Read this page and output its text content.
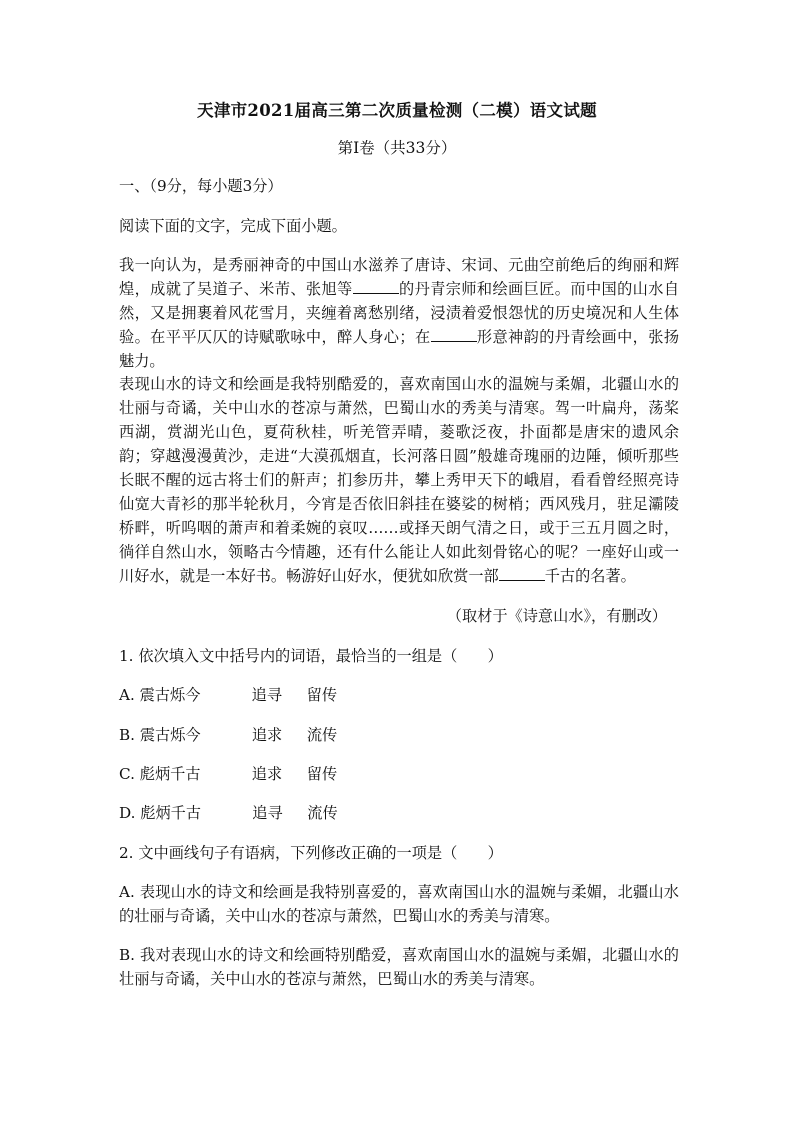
天津市2021届高三第二次质量检测（二模）语文试题
第Ⅰ卷（共33分）
一、（9分，每小题3分）
阅读下面的文字，完成下面小题。
我一向认为，是秀丽神奇的中国山水滋养了唐诗、宋词、元曲空前绝后的绚丽和辉煌，成就了吴道子、米芾、张旭等	的丹青宗师和绘画巨匠。而中国的山水自然，又是拥裹着风花雪月，夹缠着离愁别绪，浸渍着爱恨怨忧的历史境况和人生体验。在平平仄仄的诗赋歌咏中，醉人身心；在	形意神韵的丹青绘画中，张扬魅力。
表现山水的诗文和绘画是我特别酷爱的，喜欢南国山水的温婉与柔媚，北疆山水的壮丽与奇谲，关中山水的苍凉与萧然，巴蜀山水的秀美与清寒。驾一叶扁舟，荡桨西湖，赏湖光山色，夏荷秋桂，听羌管弄晴，菱歌泛夜，扑面都是唐宋的遗风余韵；穿越漫漫黄沙，走进“大漠孤烟直，长河落日圆”般雄奇瑰丽的边陲，倾听那些长眠不醒的远古将士们的鼾声；扪参历井，攀上秀甲天下的峨眉，看看曾经照亮诗仙宽大青衫的那半轮秋月，今宵是否依旧斜挂在婆娑的树梢；西风残月，驻足灞陵桥畔，听呜咽的萧声和着柔婉的哀叹……或择天朗气清之日，或于三五月圆之时，徜徉自然山水，领略古今情趣，还有什么能让人如此刻骨铭心的呢？一座好山或一川好水，就是一本好书。畅游好山好水，便犹如欣赏一部	千古的名著。
（取材于《诗意山水》，有删改）
1. 依次填入文中括号内的词语，最恰当的一组是（　　）
A. 震古烁今	追寻 留传
B. 震古烁今	追求 流传
C. 彪炳千古	追求 留传
D. 彪炳千古	追寻 流传
2. 文中画线句子有语病，下列修改正确的一项是（　　）
A. 表现山水的诗文和绘画是我特别喜爱的，喜欢南国山水的温婉与柔媚，北疆山水的壮丽与奇谲，关中山水的苍凉与萧然，巴蜀山水的秀美与清寒。
B. 我对表现山水的诗文和绘画特别酷爱，喜欢南国山水的温婉与柔媚，北疆山水的壮丽与奇谲，关中山水的苍凉与萧然，巴蜀山水的秀美与清寒。
